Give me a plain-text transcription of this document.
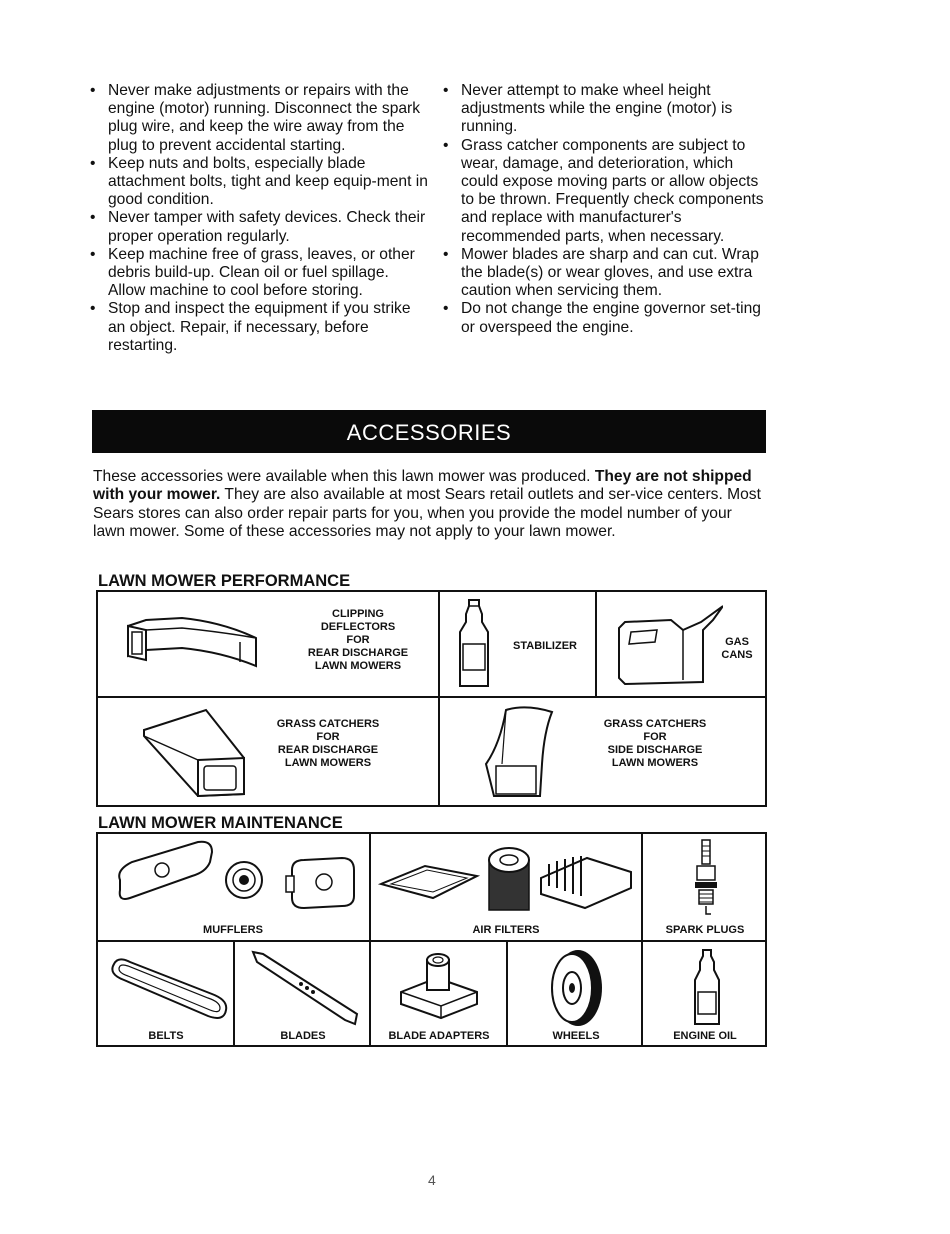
• Never make adjustments or repairs with the engine (motor) running. Disconnect the spark plug wire, and keep the wire away from the plug to prevent accidental starting.
• Keep nuts and bolts, especially blade attachment bolts, tight and keep equip-ment in good condition.
• Never tamper with safety devices. Check their proper operation regularly.
• Keep machine free of grass, leaves, or other debris build-up. Clean oil or fuel spillage. Allow machine to cool before storing.
• Stop and inspect the equipment if you strike an object. Repair, if necessary, before restarting.
• Never attempt to make wheel height adjustments while the engine (motor) is running.
• Grass catcher components are subject to wear, damage, and deterioration, which could expose moving parts or allow objects to be thrown. Frequently check components and replace with manufacturer's recommended parts, when necessary.
• Mower blades are sharp and can cut. Wrap the blade(s) or wear gloves, and use extra caution when servicing them.
• Do not change the engine governor set-ting or overspeed the engine.
ACCESSORIES

These accessories were available when this lawn mower was produced. They are not shipped with your mower. They are also available at most Sears retail outlets and ser-vice centers. Most Sears stores can also order repair parts for you, when you provide the model number of your lawn mower. Some of these accessories may not apply to your lawn mower.

LAWN MOWER PERFORMANCE
CLIPPING
DEFLECTORS
FOR
REAR DISCHARGE
LAWN MOWERS
STABILIZER	GAS
CANS
GRASS CATCHERS
FOR
REAR DISCHARGE
LAWN MOWERS
GRASS CATCHERS
FOR
SIDE DISCHARGE
LAWN MOWERS
LAWN MOWER MAINTENANCE
MUFFLERS	AIR FILTERS	SPARK PLUGS
BELTS	BLADES	BLADE ADAPTERS	WHEELS	ENGINE OIL
4
